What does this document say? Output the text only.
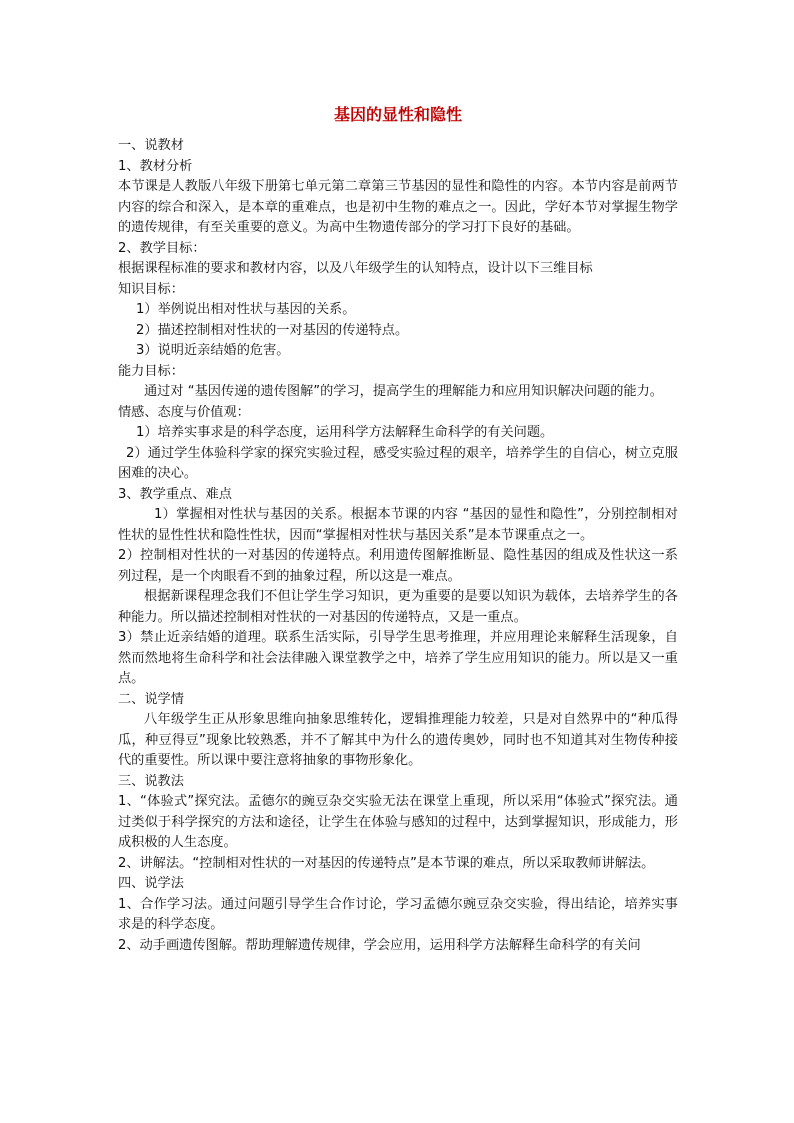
基因的显性和隐性

一、说教材

1、教材分析

本节课是人教版八年级下册第七单元第二章第三节基因的显性和隐性的内容。本节内容是前两节内容的综合和深入，是本章的重难点，也是初中生物的难点之一。因此，学好本节对掌握生物学的遗传规律，有至关重要的意义。为高中生物遗传部分的学习打下良好的基础。

2、教学目标：

根据课程标准的要求和教材内容，以及八年级学生的认知特点，设计以下三维目标

知识目标：

1）举例说出相对性状与基因的关系。

2）描述控制相对性状的一对基因的传递特点。

3）说明近亲结婚的危害。

能力目标：

通过对 “基因传递的遗传图解”的学习，提高学生的理解能力和应用知识解决问题的能力。

情感、态度与价值观：

1）培养实事求是的科学态度，运用科学方法解释生命科学的有关问题。

2）通过学生体验科学家的探究实验过程，感受实验过程的艰辛，培养学生的自信心，树立克服困难的决心。

3、教学重点、难点

1）掌握相对性状与基因的关系。根据本节课的内容 “基因的显性和隐性”，分别控制相对性状的显性性状和隐性性状，因而“掌握相对性状与基因关系”是本节课重点之一。

2）控制相对性状的一对基因的传递特点。利用遗传图解推断显、隐性基因的组成及性状这一系列过程，是一个肉眼看不到的抽象过程，所以这是一难点。

根据新课程理念我们不但让学生学习知识，更为重要的是要以知识为载体，去培养学生的各种能力。所以描述控制相对性状的一对基因的传递特点，又是一重点。

3）禁止近亲结婚的道理。联系生活实际，引导学生思考推理，并应用理论来解释生活现象，自然而然地将生命科学和社会法律融入课堂教学之中，培养了学生应用知识的能力。所以是又一重点。

二、说学情

八年级学生正从形象思维向抽象思维转化，逻辑推理能力较差，只是对自然界中的“种瓜得瓜，种豆得豆”现象比较熟悉，并不了解其中为什么的遗传奥妙，同时也不知道其对生物传种接代的重要性。所以课中要注意将抽象的事物形象化。

三、说教法

1、“体验式”探究法。孟德尔的豌豆杂交实验无法在课堂上重现，所以采用“体验式”探究法。通过类似于科学探究的方法和途径，让学生在体验与感知的过程中，达到掌握知识，形成能力，形成积极的人生态度。

2、讲解法。“控制相对性状的一对基因的传递特点”是本节课的难点，所以采取教师讲解法。

四、说学法

1、合作学习法。通过问题引导学生合作讨论，学习孟德尔豌豆杂交实验，得出结论，培养实事求是的科学态度。

2、动手画遗传图解。帮助理解遗传规律，学会应用，运用科学方法解释生命科学的有关问
